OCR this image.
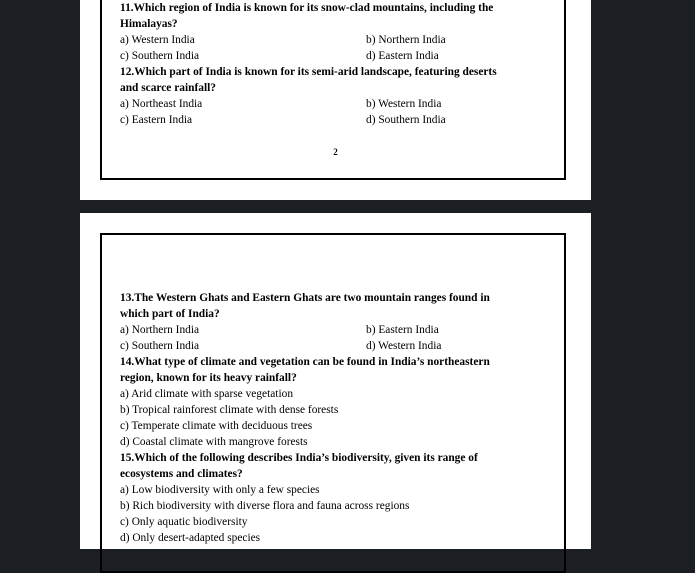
11.Which region of India is known for its snow-clad mountains, including the
Himalayas?
a) Western India	b) Northern India
c) Southern India	d) Eastern India
12.Which part of India is known for its semi-arid landscape, featuring deserts
and scarce rainfall?
a) Northeast India	b) Western India
c) Eastern India	d) Southern India
2
13.The Western Ghats and Eastern Ghats are two mountain ranges found in
which part of India?
a) Northern India	b) Eastern India
c) Southern India	d) Western India
14.What type of climate and vegetation can be found in India’s northeastern
region, known for its heavy rainfall?
a) Arid climate with sparse vegetation
b) Tropical rainforest climate with dense forests
c) Temperate climate with deciduous trees
d) Coastal climate with mangrove forests
15.Which of the following describes India’s biodiversity, given its range of
ecosystems and climates?
a) Low biodiversity with only a few species
b) Rich biodiversity with diverse flora and fauna across regions
c) Only aquatic biodiversity
d) Only desert-adapted species
